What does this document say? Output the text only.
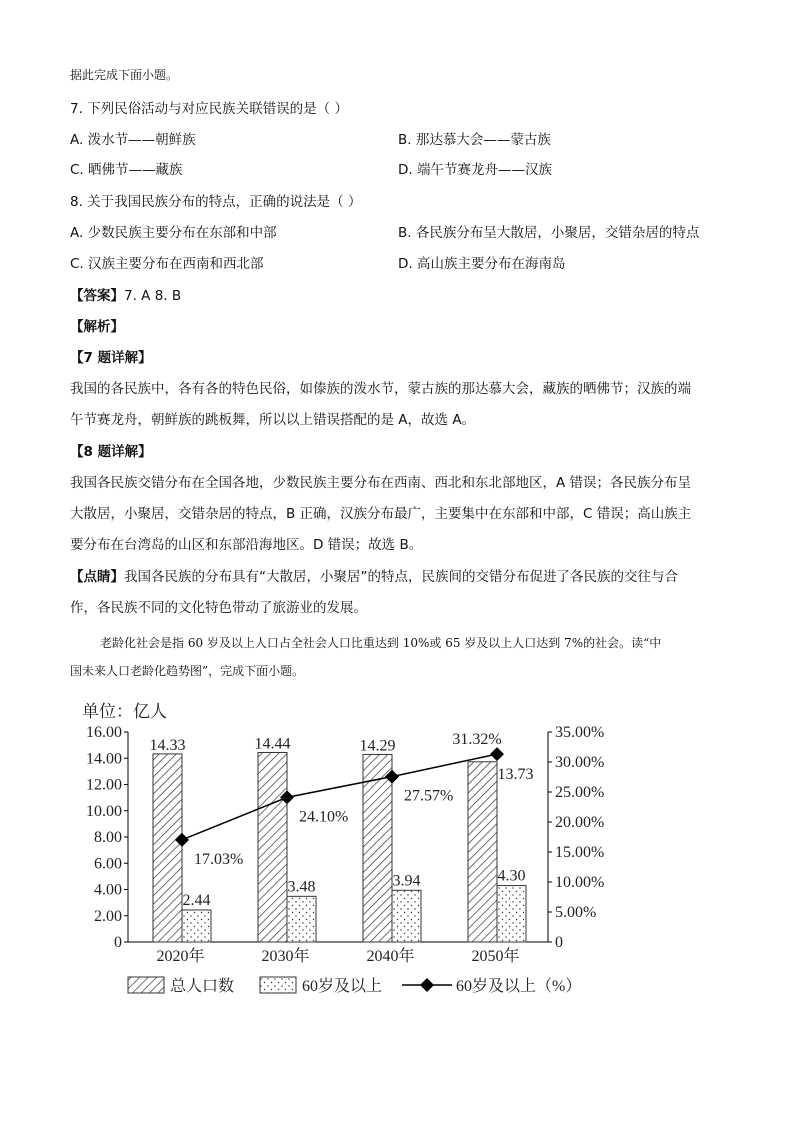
据此完成下面小题。
7. 下列民俗活动与对应民族关联错误的是（ ）
A. 泼水节——朝鲜族	B. 那达慕大会——蒙古族
C. 晒佛节——藏族	D. 端午节赛龙舟——汉族
8. 关于我国民族分布的特点，正确的说法是（ ）
A. 少数民族主要分布在东部和中部	B. 各民族分布呈大散居，小聚居，交错杂居的特点
C. 汉族主要分布在西南和西北部	D. 高山族主要分布在海南岛
【答案】7. A 8. B
【解析】
【7 题详解】
我国的各民族中，各有各的特色民俗，如傣族的泼水节，蒙古族的那达慕大会，藏族的晒佛节；汉族的端
午节赛龙舟，朝鲜族的跳板舞，所以以上错误搭配的是 A，故选 A。
【8 题详解】
我国各民族交错分布在全国各地，少数民族主要分布在西南、西北和东北部地区，A 错误；各民族分布呈
大散居，小聚居，交错杂居的特点，B 正确，汉族分布最广，主要集中在东部和中部，C 错误；高山族主
要分布在台湾岛的山区和东部沿海地区。D 错误；故选 B。
【点睛】我国各民族的分布具有“大散居，小聚居”的特点，民族间的交错分布促进了各民族的交往与合
作，各民族不同的文化特色带动了旅游业的发展。
老龄化社会是指 60 岁及以上人口占全社会人口比重达到 10%或 65 岁及以上人口达到 7%的社会。读“中
国未来人口老龄化趋势图”，完成下面小题。
单位：亿人
0
2.00
4.00
6.00
8.00
10.00
12.00
14.00
16.00
0
5.00%
10.00%
15.00%
20.00%
25.00%
30.00%
35.00%
14.33
2.44
2020年
14.44
3.48
2030年
14.29
3.94
2040年
13.73
4.30
2050年
17.03%
24.10%
27.57%
31.32%
总人口数	60岁及以上	60岁及以上（%）
